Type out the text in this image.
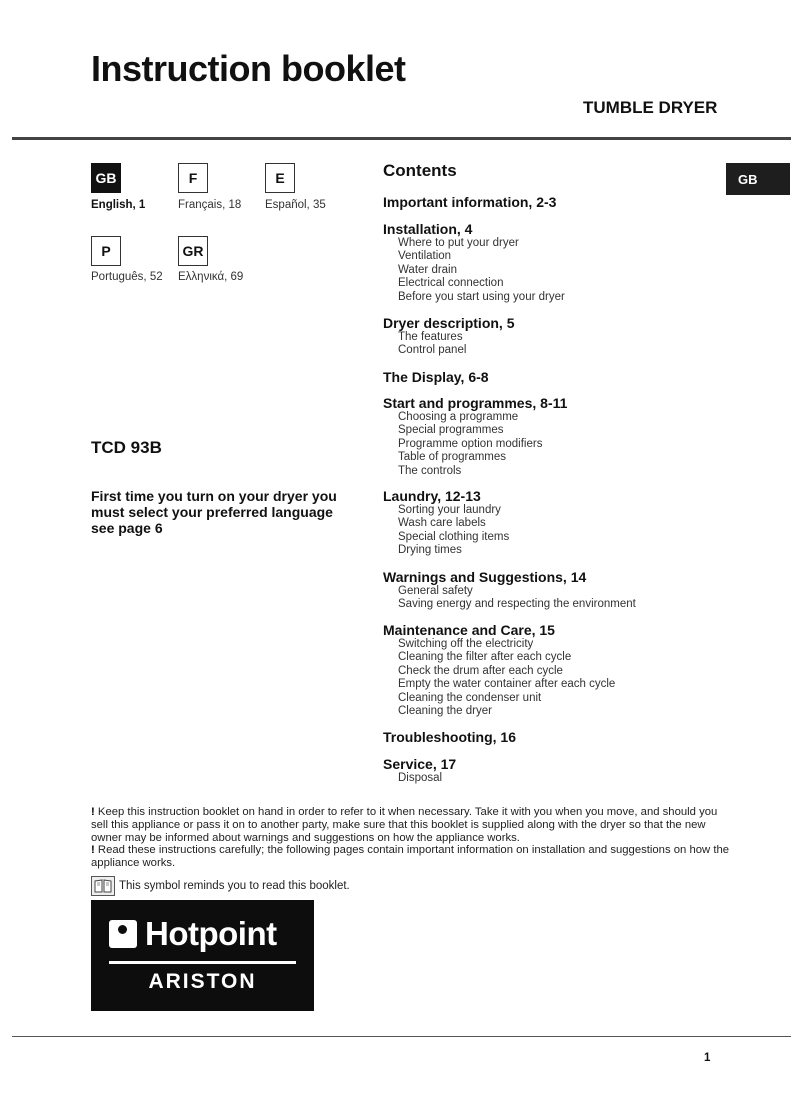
Instruction booklet
TUMBLE DRYER
GB
English, 1
F
Français, 18
E
Español, 35
P
Português, 52
GR
Ελληνικά, 69
TCD 93B
First time you turn on your dryer you must select your preferred language see page 6
GB
Contents
Important information, 2-3
Installation, 4
Where to put your dryer
Ventilation
Water drain
Electrical connection
Before you start using your dryer
Dryer description, 5
The features
Control panel
The Display, 6-8
Start and programmes, 8-11
Choosing a programme
Special programmes
Programme option modifiers
Table of programmes
The controls
Laundry, 12-13
Sorting your laundry
Wash care labels
Special clothing items
Drying times
Warnings and Suggestions, 14
General safety
Saving energy and respecting the environment
Maintenance and Care, 15
Switching off the electricity
Cleaning the filter after each cycle
Check the drum after each cycle
Empty the water container after each cycle
Cleaning the condenser unit
Cleaning the dryer
Troubleshooting, 16
Service, 17
Disposal

! Keep this instruction booklet on hand in order to refer to it when necessary. Take it with you when you move, and should you sell this appliance or pass it on to another party, make sure that this booklet is supplied along with the dryer so that the new owner may be informed about warnings and suggestions on how the appliance works.

! Read these instructions carefully; the following pages contain important information on installation and suggestions on how the appliance works.

This symbol reminds you to read this booklet.
Hotpoint
ARISTON
1
